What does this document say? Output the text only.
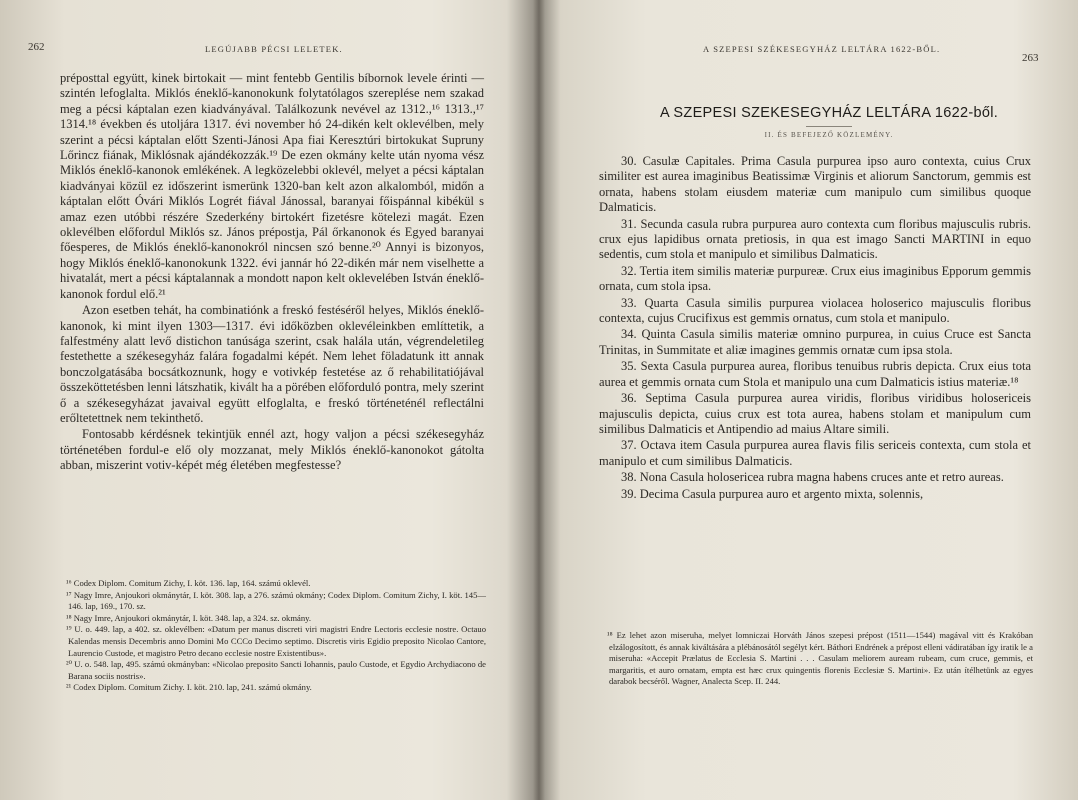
262	LEGÚJABB PÉCSI LELETEK.

préposttal együtt, kinek birtokait — mint fentebb Gentilis bíbornok levele érinti — szintén lefoglalta. Miklós éneklő-kanonokunk folytatólagos szereplése nem szakad meg a pécsi káptalan ezen kiadványával. Találkozunk nevével az 1312.,¹⁶ 1313.,¹⁷ 1314.¹⁸ években és utoljára 1317. évi november hó 24-dikén kelt oklevélben, mely szerint a pécsi káptalan előtt Szenti-Jánosi Apa fiai Keresztúri birtokukat Supruny Lőrincz fiának, Miklósnak ajándékozzák.¹⁹ De ezen okmány kelte után nyoma vész Miklós éneklő-kanonok emlékének. A legközelebbi oklevél, melyet a pécsi káptalan kiadványai közül ez időszerint ismerünk 1320-ban kelt azon alkalomból, midőn a káptalan előtt Óvári Miklós Logrét fiával Jánossal, baranyai főispánnal kibékül s amaz ezen utóbbi részére Szederkény birtokért fizetésre kötelezi magát. Ezen oklevélben előfordul Miklós sz. János prépostja, Pál őrkanonok és Egyed baranyai főesperes, de Miklós éneklő-kanonokról nincsen szó benne.²⁰ Annyi is bizonyos, hogy Miklós éneklő-kanonokunk 1322. évi jannár hó 22-dikén már nem viselhette a hivatalát, mert a pécsi káptalannak a mondott napon kelt oklevelében István éneklő-kanonok fordul elő.²¹

Azon esetben tehát, ha combinatiónk a freskó festéséről helyes, Miklós éneklő-kanonok, ki mint ilyen 1303—1317. évi időközben oklevéleinkben említtetik, a falfestmény alatt levő distichon tanúsága szerint, csak halála után, végrendeletileg festethette a székesegyház falára fogadalmi képét. Nem lehet föladatunk itt annak bonczolgatásába bocsátkoznunk, hogy e votivkép festetése az ő rehabilitatiójával összeköttetésben lenni látszhatik, kivált ha a pörében előforduló pontra, mely szerint ő a székesegyházat javaival együtt elfoglalta, e freskó történeténél reflectálni erőltetettnek nem tekinthető.

Fontosabb kérdésnek tekintjük ennél azt, hogy valjon a pécsi székesegyház történetében fordul-e elő oly mozzanat, mely Miklós éneklő-kanonokot gátolta abban, miszerint votiv-képét még életében megfestesse?

¹⁶ Codex Diplom. Comitum Zichy, I. köt. 136. lap, 164. számú oklevél.

¹⁷ Nagy Imre, Anjoukori okmánytár, I. köt. 308. lap, a 276. számú okmány; Codex Diplom. Comitum Zichy, I. köt. 145—146. lap, 169., 170. sz.

¹⁸ Nagy Imre, Anjoukori okmánytár, I. köt. 348. lap, a 324. sz. okmány.

¹⁹ U. o. 449. lap, a 402. sz. oklevélben: «Datum per manus discreti viri magistri Endre Lectoris ecclesie nostre. Octauo Kalendas mensis Decembris anno Domini Mo CCCo Decimo septimo. Discretis viris Egidio preposito Nicolao Cantore, Laurencio Custode, et magistro Petro decano ecclesie nostre Existentibus».

²⁰ U. o. 548. lap, 495. számú okmányban: «Nicolao preposito Sancti Iohannis, paulo Custode, et Egydio Archydiacono de Barana sociis nostris».

²¹ Codex Diplom. Comitum Zichy. I. köt. 210. lap, 241. számú okmány.

A SZEPESI SZÉKESEGYHÁZ LELTÁRA 1622-BŐL.
263
A SZEPESI SZEKESEGYHÁZ LELTÁRA 1622-ből.
II. ÉS BEFEJEZŐ KÖZLEMÉNY.

30. Casulæ Capitales. Prima Casula purpurea ipso auro contexta, cuius Crux similiter est aurea imaginibus Beatissimæ Virginis et aliorum Sanctorum, gemmis est ornata, habens stolam eiusdem materiæ cum manipulo cum similibus quoque Dalmaticis.

31. Secunda casula rubra purpurea auro contexta cum floribus majusculis rubris. crux ejus lapidibus ornata pretiosis, in qua est imago Sancti MARTINI in equo sedentis, cum stola et manipulo et similibus Dalmaticis.

32. Tertia item similis materiæ purpureæ. Crux eius imaginibus Epporum gemmis ornata, cum stola ipsa.

33. Quarta Casula similis purpurea violacea holoserico majusculis floribus contexta, cujus Crucifixus est gemmis ornatus, cum stola et manipulo.

34. Quinta Casula similis materiæ omnino purpurea, in cuius Cruce est Sancta Trinitas, in Summitate et aliæ imagines gemmis ornatæ cum ipsa stola.

35. Sexta Casula purpurea aurea, floribus tenuibus rubris depicta. Crux eius tota aurea et gemmis ornata cum Stola et manipulo una cum Dalmaticis istius materiæ.¹⁸

36. Septima Casula purpurea aurea viridis, floribus viridibus holosericeis majusculis depicta, cuius crux est tota aurea, habens stolam et manipulum cum similibus Dalmaticis et Antipendio ad maius Altare simili.

37. Octava item Casula purpurea aurea flavis filis sericeis contexta, cum stola et manipulo et cum similibus Dalmaticis.

38. Nona Casula holosericea rubra magna habens cruces ante et retro aureas.

39. Decima Casula purpurea auro et argento mixta, solennis,

¹⁸ Ez lehet azon miseruha, melyet lomniczai Horváth János szepesi prépost (1511—1544) magával vitt és Krakóban elzálogosított, és annak kiváltására a plébánosától segélyt kért. Báthori Endrének a prépost elleni vádiratában így iratik le a miseruha: «Accepit Prælatus de Ecclesia S. Martini . . . Casulam meliorem auream rubeam, cum cruce, gemmis, et margaritis, et auro ornatam, empta est hæc crux quingentis florenis Ecclesiæ S. Martini». Ez után ítélhetünk az egyes darabok becséről. Wagner, Analecta Scep. II. 244.
